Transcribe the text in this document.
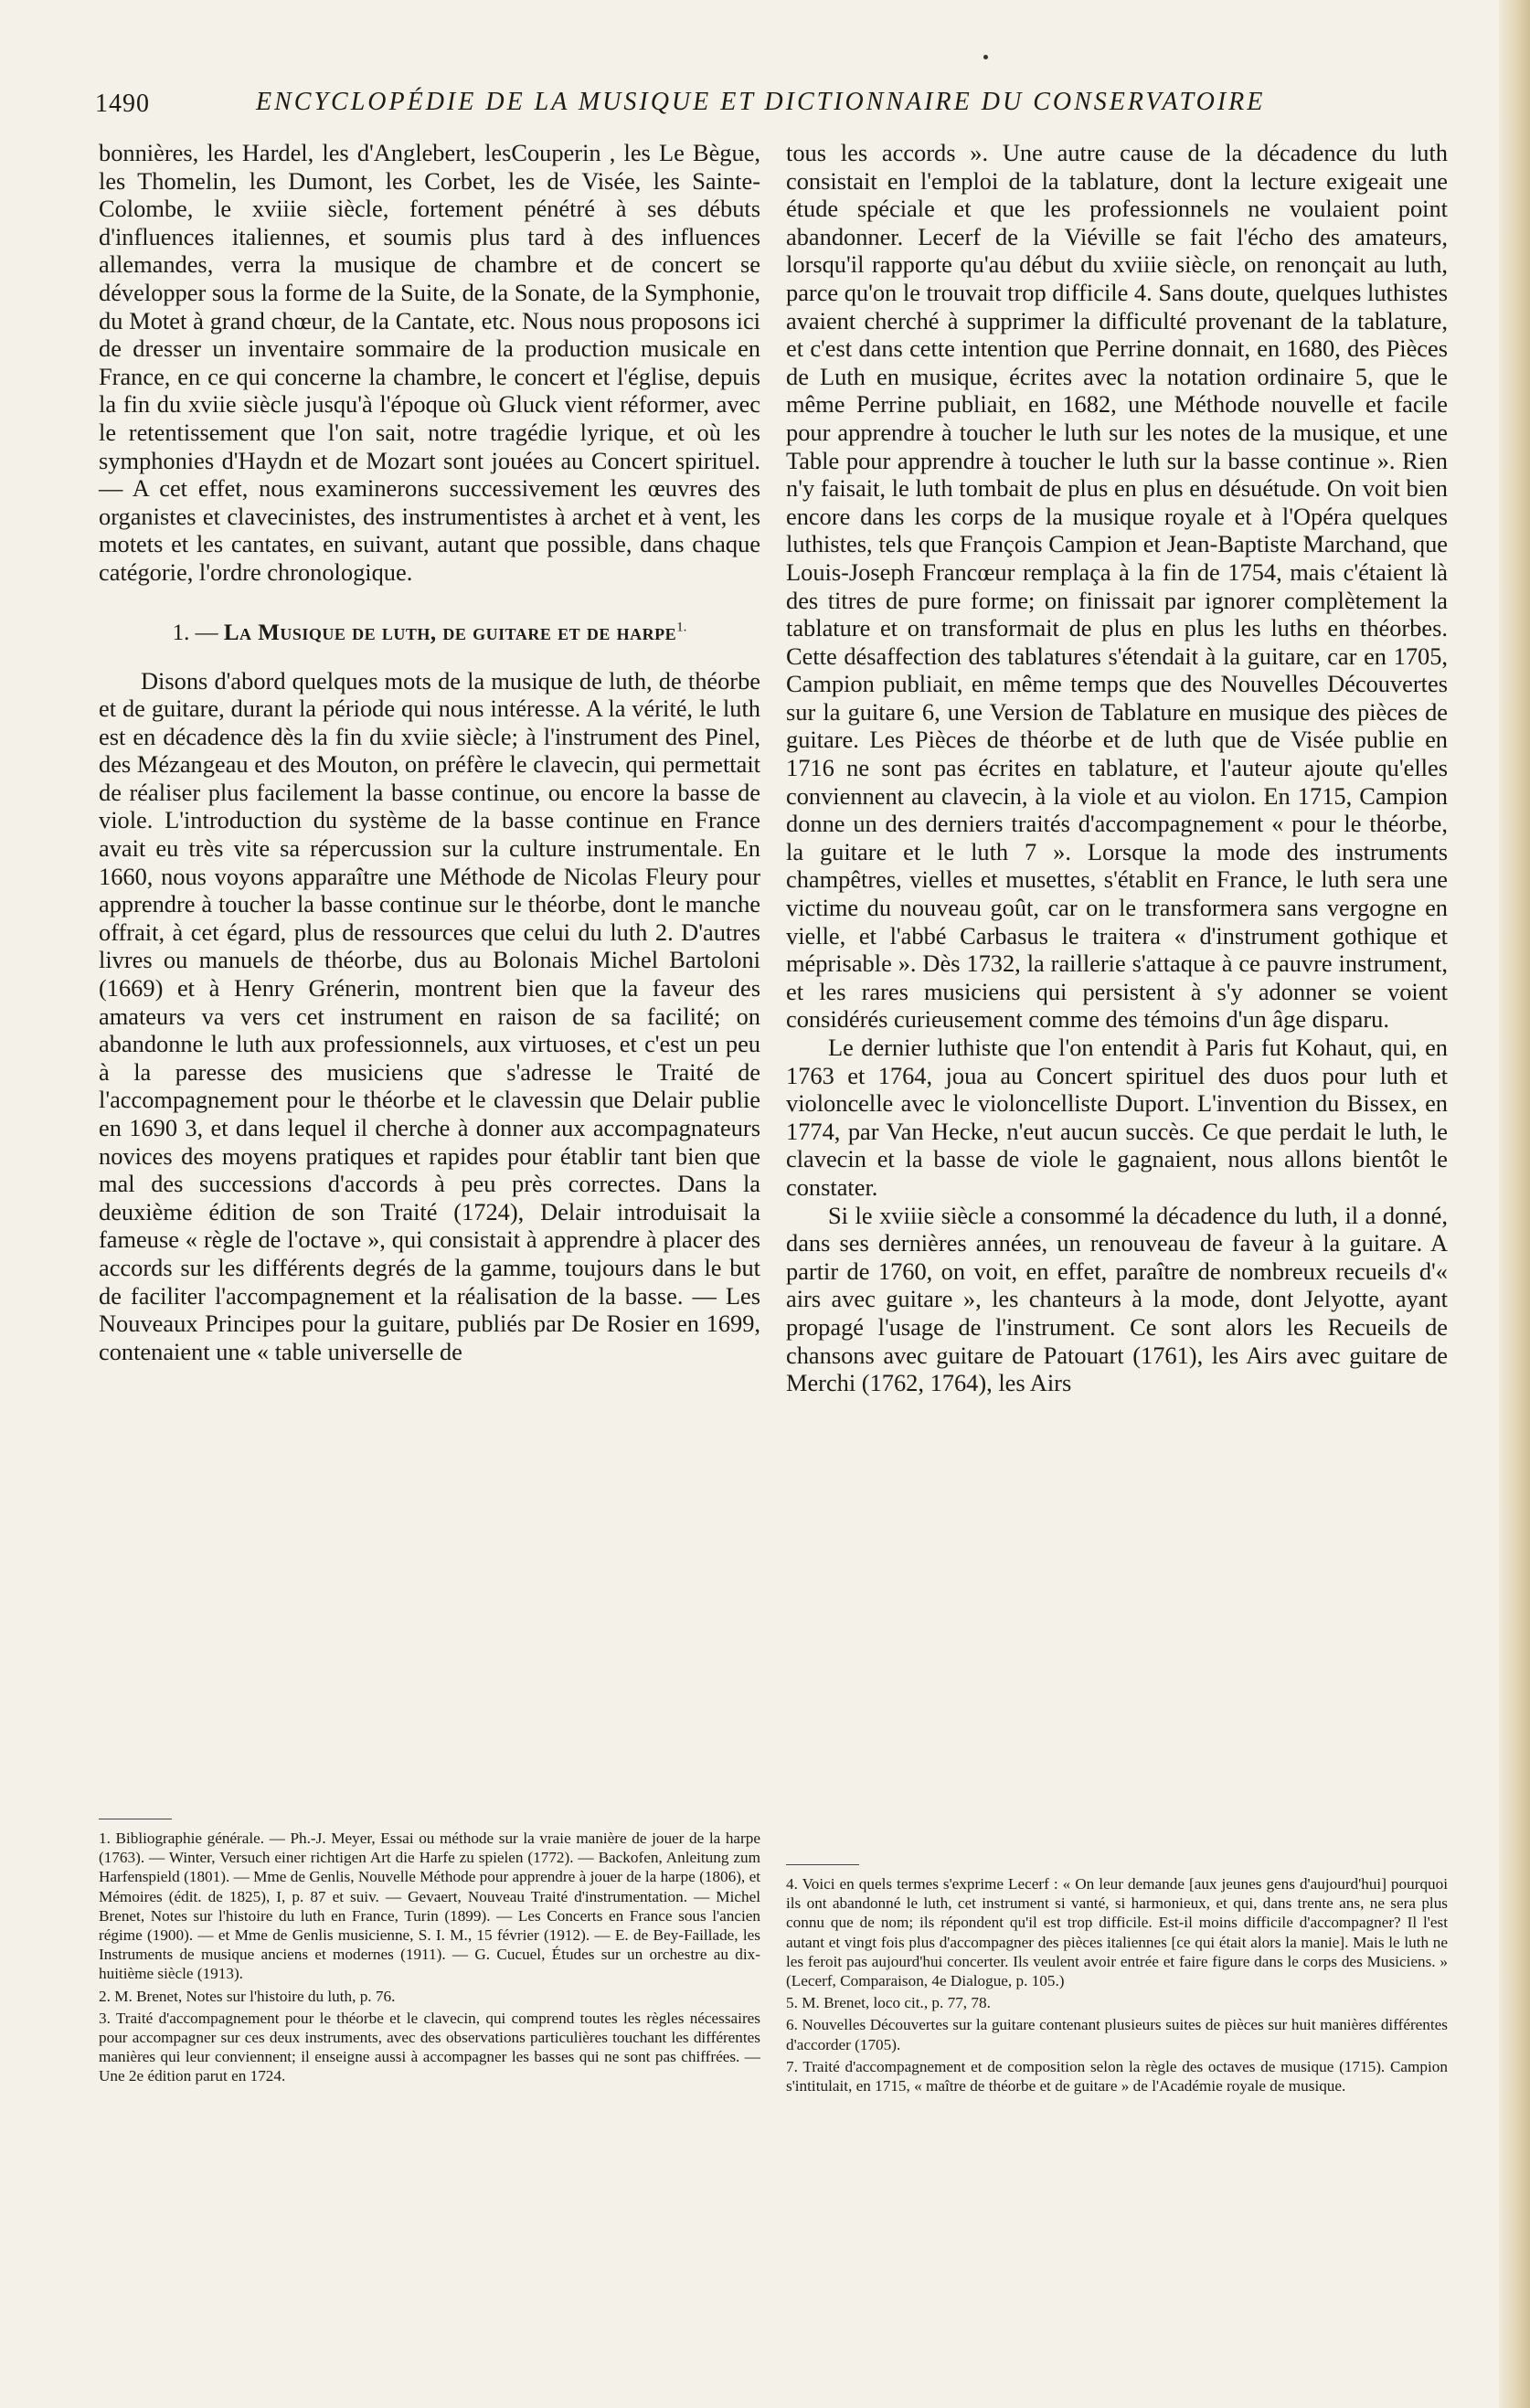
1490	ENCYCLOPÉDIE DE LA MUSIQUE ET DICTIONNAIRE DU CONSERVATOIRE

bonnières, les Hardel, les d'Anglebert, lesCouperin , les Le Bègue, les Thomelin, les Dumont, les Corbet, les de Visée, les Sainte-Colombe, le xviiie siècle, fortement pénétré à ses débuts d'influences italiennes, et soumis plus tard à des influences allemandes, verra la musique de chambre et de concert se développer sous la forme de la Suite, de la Sonate, de la Symphonie, du Motet à grand chœur, de la Cantate, etc. Nous nous proposons ici de dresser un inventaire sommaire de la production musicale en France, en ce qui concerne la chambre, le concert et l'église, depuis la fin du xviie siècle jusqu'à l'époque où Gluck vient réformer, avec le retentissement que l'on sait, notre tragédie lyrique, et où les symphonies d'Haydn et de Mozart sont jouées au Concert spirituel. — A cet effet, nous examinerons successivement les œuvres des organistes et clavecinistes, des instrumentistes à archet et à vent, les motets et les cantates, en suivant, autant que possible, dans chaque catégorie, l'ordre chronologique.

1. — La Musique de luth, de guitare et de harpe$^{1.}$

Disons d'abord quelques mots de la musique de luth, de théorbe et de guitare, durant la période qui nous intéresse. A la vérité, le luth est en décadence dès la fin du xviie siècle; à l'instrument des Pinel, des Mézangeau et des Mouton, on préfère le clavecin, qui permettait de réaliser plus facilement la basse continue, ou encore la basse de viole. L'introduction du système de la basse continue en France avait eu très vite sa répercussion sur la culture instrumentale. En 1660, nous voyons apparaître une Méthode de Nicolas Fleury pour apprendre à toucher la basse continue sur le théorbe, dont le manche offrait, à cet égard, plus de ressources que celui du luth 2. D'autres livres ou manuels de théorbe, dus au Bolonais Michel Bartoloni (1669) et à Henry Grénerin, montrent bien que la faveur des amateurs va vers cet instrument en raison de sa facilité; on abandonne le luth aux professionnels, aux virtuoses, et c'est un peu à la paresse des musiciens que s'adresse le Traité de l'accompagnement pour le théorbe et le clavessin que Delair publie en 1690 3, et dans lequel il cherche à donner aux accompagnateurs novices des moyens pratiques et rapides pour établir tant bien que mal des successions d'accords à peu près correctes. Dans la deuxième édition de son Traité (1724), Delair introduisait la fameuse « règle de l'octave », qui consistait à apprendre à placer des accords sur les différents degrés de la gamme, toujours dans le but de faciliter l'accompagnement et la réalisation de la basse. — Les Nouveaux Principes pour la guitare, publiés par De Rosier en 1699, contenaient une « table universelle de

1. Bibliographie générale. — Ph.-J. Meyer, Essai ou méthode sur la vraie manière de jouer de la harpe (1763). — Winter, Versuch einer richtigen Art die Harfe zu spielen (1772). — Backofen, Anleitung zum Harfenspield (1801). — Mme de Genlis, Nouvelle Méthode pour apprendre à jouer de la harpe (1806), et Mémoires (édit. de 1825), I, p. 87 et suiv. — Gevaert, Nouveau Traité d'instrumentation. — Michel Brenet, Notes sur l'histoire du luth en France, Turin (1899). — Les Concerts en France sous l'ancien régime (1900). — et Mme de Genlis musicienne, S. I. M., 15 février (1912). — E. de Bey-Faillade, les Instruments de musique anciens et modernes (1911). — G. Cucuel, Études sur un orchestre au dix-huitième siècle (1913).

2. M. Brenet, Notes sur l'histoire du luth, p. 76.

3. Traité d'accompagnement pour le théorbe et le clavecin, qui comprend toutes les règles nécessaires pour accompagner sur ces deux instruments, avec des observations particulières touchant les différentes manières qui leur conviennent; il enseigne aussi à accompagner les basses qui ne sont pas chiffrées. — Une 2e édition parut en 1724.

tous les accords ». Une autre cause de la décadence du luth consistait en l'emploi de la tablature, dont la lecture exigeait une étude spéciale et que les professionnels ne voulaient point abandonner. Lecerf de la Viéville se fait l'écho des amateurs, lorsqu'il rapporte qu'au début du xviiie siècle, on renonçait au luth, parce qu'on le trouvait trop difficile 4. Sans doute, quelques luthistes avaient cherché à supprimer la difficulté provenant de la tablature, et c'est dans cette intention que Perrine donnait, en 1680, des Pièces de Luth en musique, écrites avec la notation ordinaire 5, que le même Perrine publiait, en 1682, une Méthode nouvelle et facile pour apprendre à toucher le luth sur les notes de la musique, et une Table pour apprendre à toucher le luth sur la basse continue ». Rien n'y faisait, le luth tombait de plus en plus en désuétude. On voit bien encore dans les corps de la musique royale et à l'Opéra quelques luthistes, tels que François Campion et Jean-Baptiste Marchand, que Louis-Joseph Francœur remplaça à la fin de 1754, mais c'étaient là des titres de pure forme; on finissait par ignorer complètement la tablature et on transformait de plus en plus les luths en théorbes. Cette désaffection des tablatures s'étendait à la guitare, car en 1705, Campion publiait, en même temps que des Nouvelles Découvertes sur la guitare 6, une Version de Tablature en musique des pièces de guitare. Les Pièces de théorbe et de luth que de Visée publie en 1716 ne sont pas écrites en tablature, et l'auteur ajoute qu'elles conviennent au clavecin, à la viole et au violon. En 1715, Campion donne un des derniers traités d'accompagnement « pour le théorbe, la guitare et le luth 7 ». Lorsque la mode des instruments champêtres, vielles et musettes, s'établit en France, le luth sera une victime du nouveau goût, car on le transformera sans vergogne en vielle, et l'abbé Carbasus le traitera « d'instrument gothique et méprisable ». Dès 1732, la raillerie s'attaque à ce pauvre instrument, et les rares musiciens qui persistent à s'y adonner se voient considérés curieusement comme des témoins d'un âge disparu.

Le dernier luthiste que l'on entendit à Paris fut Kohaut, qui, en 1763 et 1764, joua au Concert spirituel des duos pour luth et violoncelle avec le violoncelliste Duport. L'invention du Bissex, en 1774, par Van Hecke, n'eut aucun succès. Ce que perdait le luth, le clavecin et la basse de viole le gagnaient, nous allons bientôt le constater.

Si le xviiie siècle a consommé la décadence du luth, il a donné, dans ses dernières années, un renouveau de faveur à la guitare. A partir de 1760, on voit, en effet, paraître de nombreux recueils d'« airs avec guitare », les chanteurs à la mode, dont Jelyotte, ayant propagé l'usage de l'instrument. Ce sont alors les Recueils de chansons avec guitare de Patouart (1761), les Airs avec guitare de Merchi (1762, 1764), les Airs

4. Voici en quels termes s'exprime Lecerf : « On leur demande [aux jeunes gens d'aujourd'hui] pourquoi ils ont abandonné le luth, cet instrument si vanté, si harmonieux, et qui, dans trente ans, ne sera plus connu que de nom; ils répondent qu'il est trop difficile. Est-il moins difficile d'accompagner? Il l'est autant et vingt fois plus d'accompagner des pièces italiennes [ce qui était alors la manie]. Mais le luth ne les feroit pas aujourd'hui concerter. Ils veulent avoir entrée et faire figure dans le corps des Musiciens. » (Lecerf, Comparaison, 4e Dialogue, p. 105.)

5. M. Brenet, loco cit., p. 77, 78.

6. Nouvelles Découvertes sur la guitare contenant plusieurs suites de pièces sur huit manières différentes d'accorder (1705).

7. Traité d'accompagnement et de composition selon la règle des octaves de musique (1715). Campion s'intitulait, en 1715, « maître de théorbe et de guitare » de l'Académie royale de musique.
